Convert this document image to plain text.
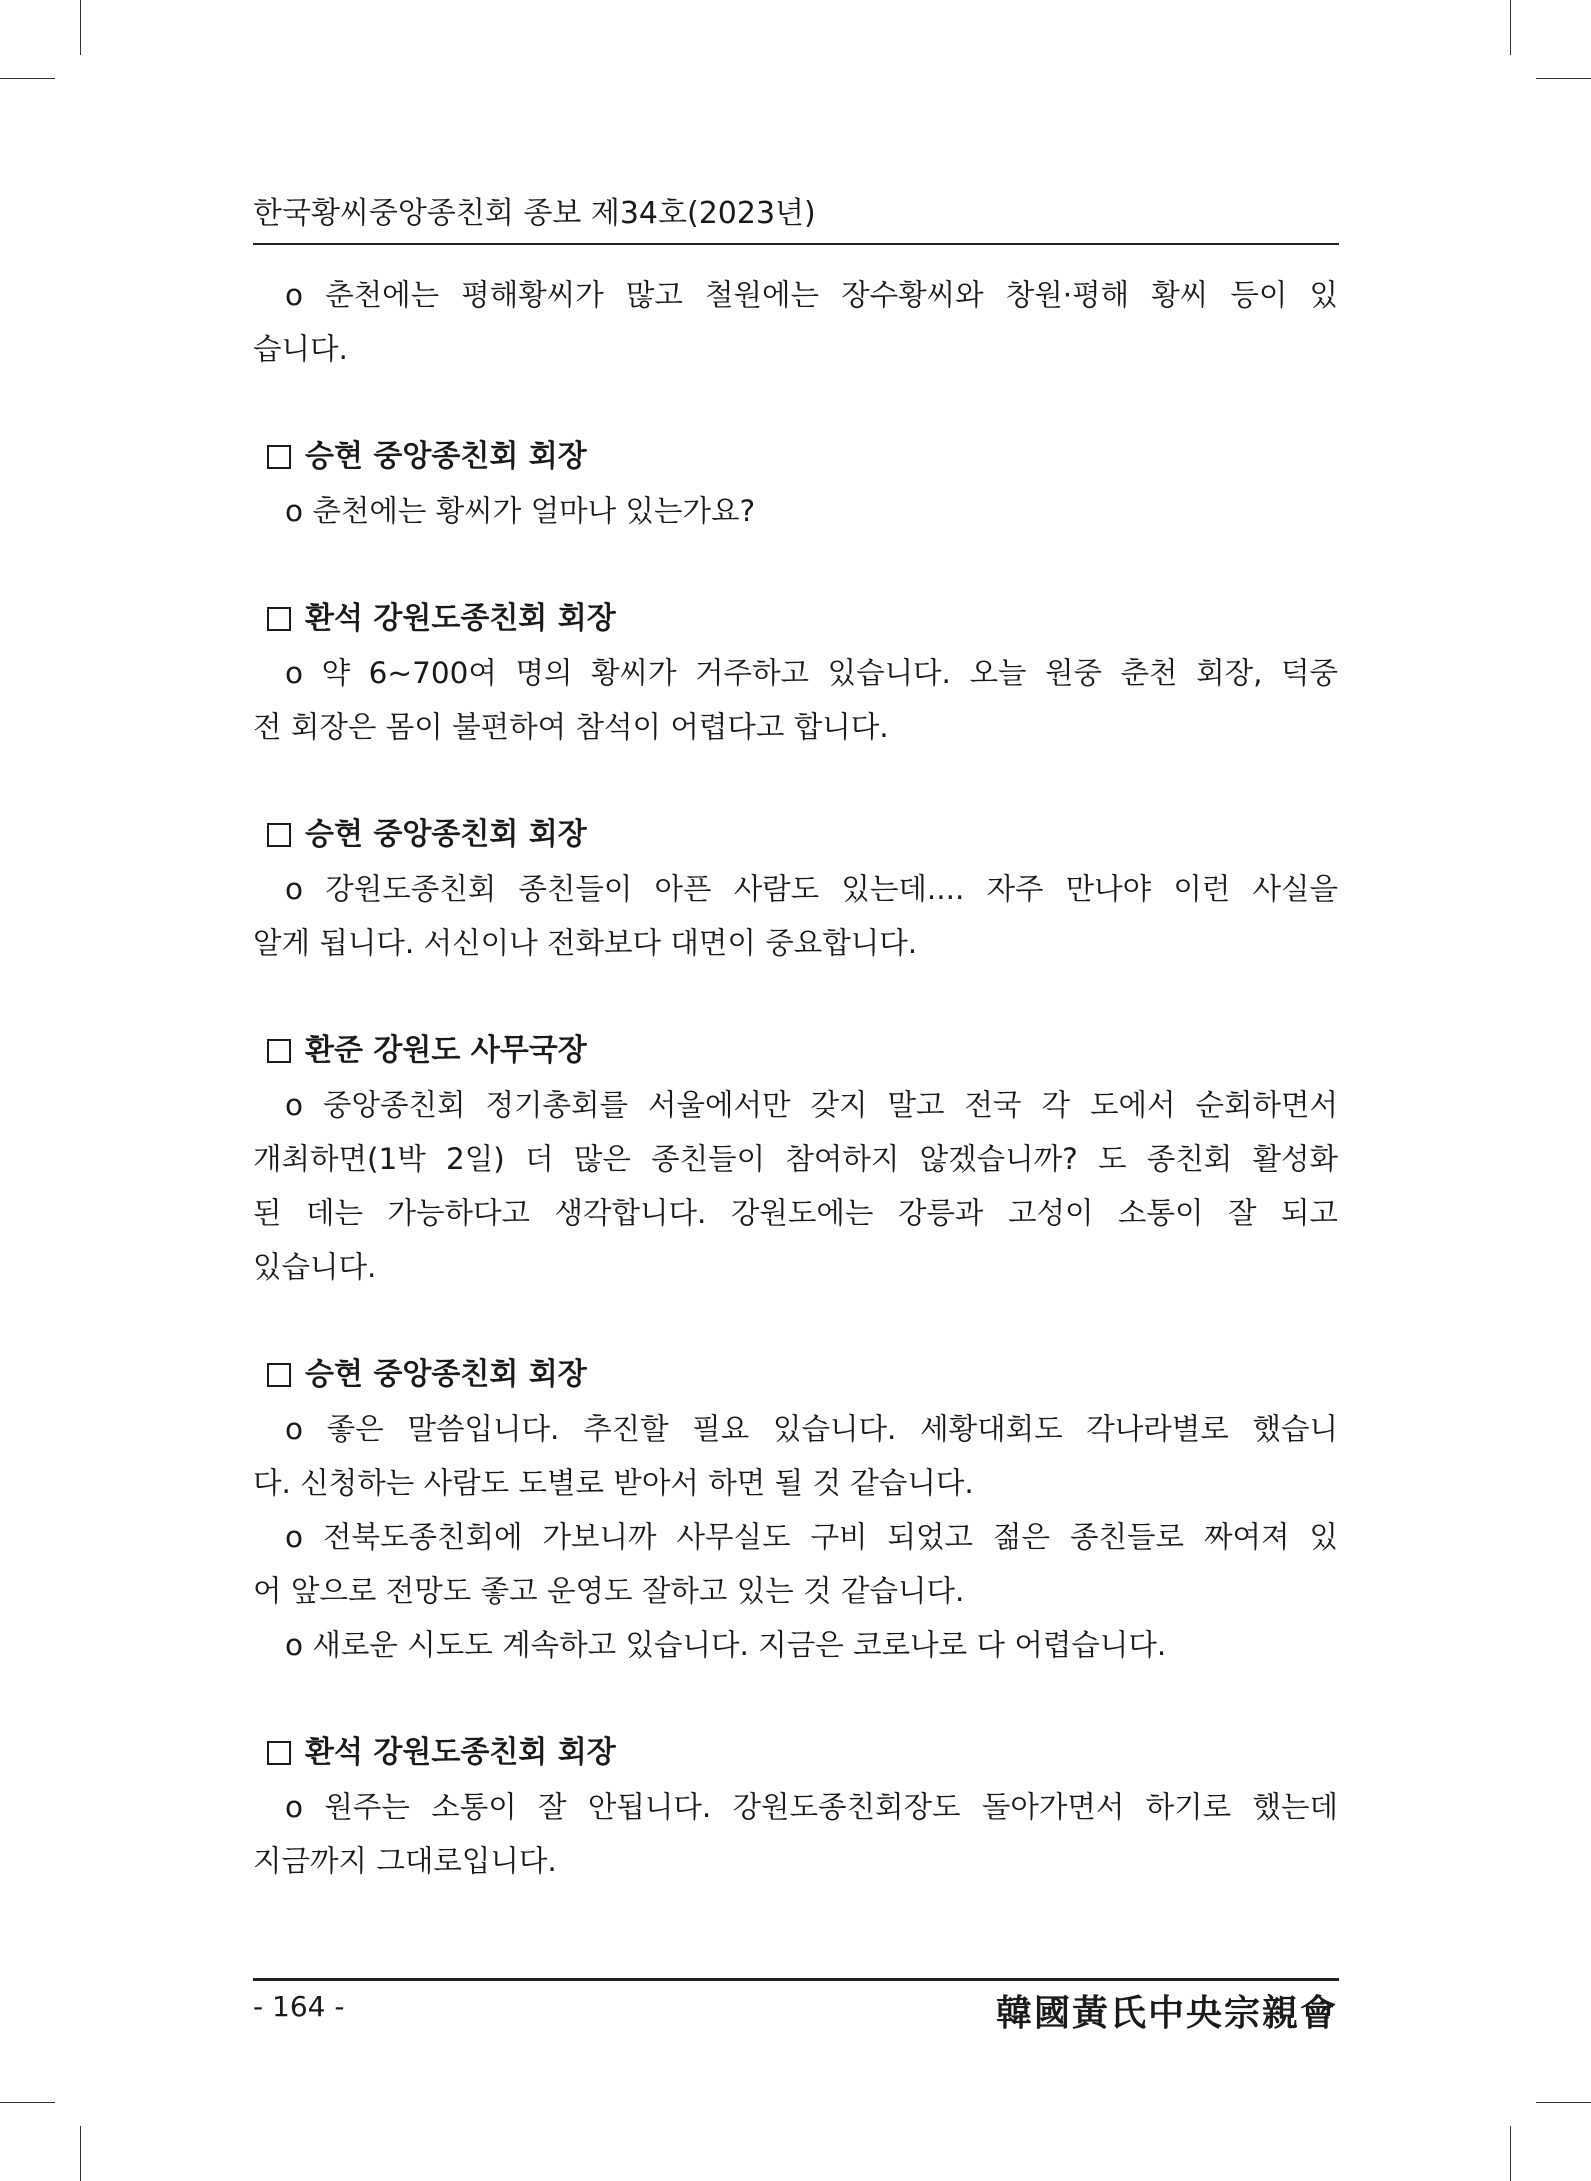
한국황씨중앙종친회 종보 제34호(2023년)
o 춘천에는 평해황씨가 많고 철원에는 장수황씨와 창원·평해 황씨 등이 있
습니다.
승현 중앙종친회 회장
o 춘천에는 황씨가 얼마나 있는가요?
환석 강원도종친회 회장
o 약 6~700여 명의 황씨가 거주하고 있습니다. 오늘 원중 춘천 회장, 덕중
전 회장은 몸이 불편하여 참석이 어렵다고 합니다.
승현 중앙종친회 회장
o 강원도종친회 종친들이 아픈 사람도 있는데.... 자주 만나야 이런 사실을
알게 됩니다. 서신이나 전화보다 대면이 중요합니다.
환준 강원도 사무국장
o 중앙종친회 정기총회를 서울에서만 갖지 말고 전국 각 도에서 순회하면서
개최하면(1박 2일) 더 많은 종친들이 참여하지 않겠습니까? 도 종친회 활성화
된 데는 가능하다고 생각합니다. 강원도에는 강릉과 고성이 소통이 잘 되고
있습니다.
승현 중앙종친회 회장
o 좋은 말씀입니다. 추진할 필요 있습니다. 세황대회도 각나라별로 했습니
다. 신청하는 사람도 도별로 받아서 하면 될 것 같습니다.
o 전북도종친회에 가보니까 사무실도 구비 되었고 젊은 종친들로 짜여져 있
어 앞으로 전망도 좋고 운영도 잘하고 있는 것 같습니다.
o 새로운 시도도 계속하고 있습니다. 지금은 코로나로 다 어렵습니다.
환석 강원도종친회 회장
o 원주는 소통이 잘 안됩니다. 강원도종친회장도 돌아가면서 하기로 했는데
지금까지 그대로입니다.
- 164 -	韓國黃氏中央宗親會
